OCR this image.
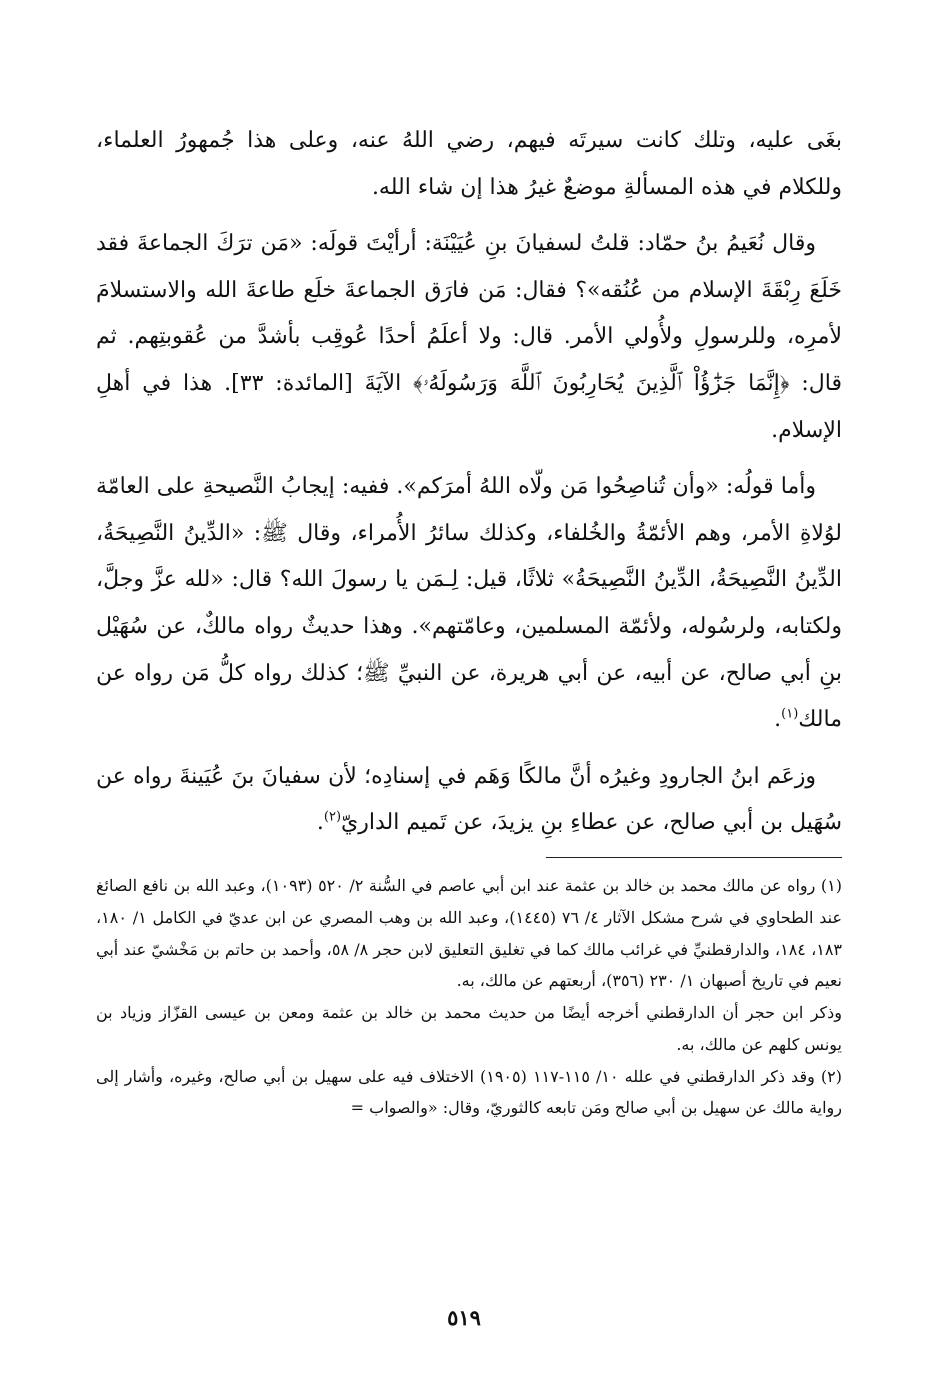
بغَى عليه، وتلك كانت سيرتَه فيهم، رضي اللهُ عنه، وعلى هذا جُمهورُ العلماء، وللكلام في هذه المسألةِ موضعٌ غيرُ هذا إن شاء الله.

وقال نُعَيمُ بنُ حمّاد: قلتُ لسفيانَ بنِ عُيَيْنَة: أرأيْتَ قولَه: «مَن ترَكَ الجماعةَ فقد خَلَعَ رِبْقَةَ الإسلام من عُنُقه»؟ فقال: مَن فارَق الجماعةَ خلَع طاعةَ الله والاستسلامَ لأمرِه، وللرسولِ ولأُولي الأمر. قال: ولا أعلَمُ أحدًا عُوقِب بأشدَّ من عُقوبتِهم. ثم قال: ﴿إِنَّمَا جَزَٰٓؤُاْ ٱلَّذِينَ يُحَارِبُونَ ٱللَّهَ وَرَسُولَهُۥ﴾ الآيَةَ [المائدة: ٣٣]. هذا في أهلِ الإسلام.

وأما قولُه: «وأن تُناصِحُوا مَن ولّاه اللهُ أمرَكم». ففيه: إيجابُ النَّصيحةِ على العامّة لوُلاةِ الأمر، وهم الأئمّةُ والخُلفاء، وكذلك سائرُ الأُمراء، وقال ﷺ: «الدِّينُ النَّصِيحَةُ، الدِّينُ النَّصِيحَةُ، الدِّينُ النَّصِيحَةُ» ثلاثًا، قيل: لِـمَن يا رسولَ الله؟ قال: «لله عزَّ وجلَّ، ولكتابه، ولرسُوله، ولأئمّة المسلمين، وعامّتهم». وهذا حديثٌ رواه مالكٌ، عن سُهَيْل بنِ أبي صالح، عن أبيه، عن أبي هريرة، عن النبيِّ ﷺ؛ كذلك رواه كلُّ مَن رواه عن مالك$^{(١)}$.

وزعَم ابنُ الجارودِ وغيرُه أنَّ مالكًا وَهَم في إسنادِه؛ لأن سفيانَ بنَ عُيَينةَ رواه عن سُهَيل بن أبي صالح، عن عطاءِ بنِ يزيدَ، عن تَميم الداريّ$^{(٢)}$.

(١) رواه عن مالك محمد بن خالد بن عثمة عند ابن أبي عاصم في السُّنة ٢/ ٥٢٠ (١٠٩٣)، وعبد الله بن نافع الصائغ عند الطحاوي في شرح مشكل الآثار ٤/ ٧٦ (١٤٤٥)، وعبد الله بن وهب المصري عن ابن عديّ في الكامل ١/ ١٨٠، ١٨٣، ١٨٤، والدارقطنيِّ في غرائب مالك كما في تغليق التعليق لابن حجر ٨/ ٥٨، وأحمد بن حاتم بن مَخْشيّ عند أبي نعيم في تاريخ أصبهان ١/ ٢٣٠ (٣٥٦)، أربعتهم عن مالك، به.

وذكر ابن حجر أن الدارقطني أخرجه أيضًا من حديث محمد بن خالد بن عثمة ومعن بن عيسى القزّاز وزياد بن يونس كلهم عن مالك، به.

(٢) وقد ذكر الدارقطني في علله ١٠/ ١١٥-١١٧ (١٩٠٥) الاختلاف فيه على سهيل بن أبي صالح، وغيره، وأشار إلى رواية مالك عن سهيل بن أبي صالح ومَن تابعه كالثوريّ، وقال: «والصواب =

٥١٩
